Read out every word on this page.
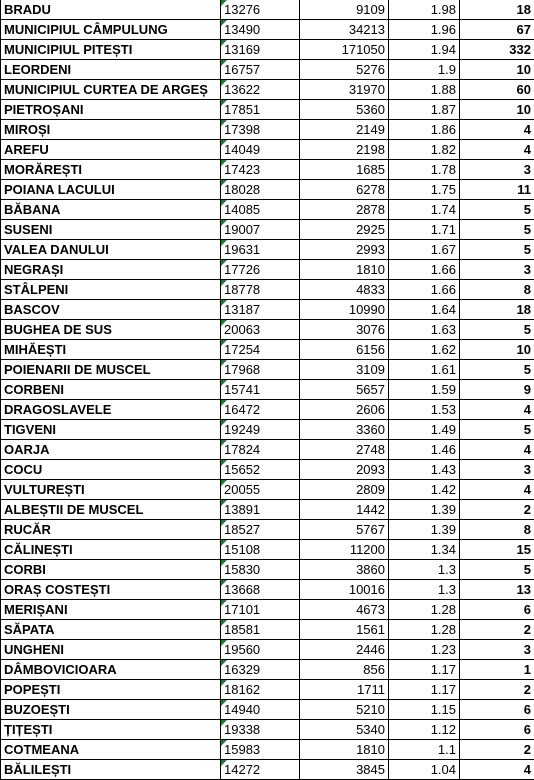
BRADU	13276	9109	1.98	18
MUNICIPIUL CÂMPULUNG	13490	34213	1.96	67
MUNICIPIUL PITEȘTI	13169	171050	1.94	332
LEORDENI	16757	5276	1.9	10
MUNICIPIUL CURTEA DE ARGEȘ	13622	31970	1.88	60
PIETROȘANI	17851	5360	1.87	10
MIROȘI	17398	2149	1.86	4
AREFU	14049	2198	1.82	4
MORĂREȘTI	17423	1685	1.78	3
POIANA LACULUI	18028	6278	1.75	11
BĂBANA	14085	2878	1.74	5
SUSENI	19007	2925	1.71	5
VALEA DANULUI	19631	2993	1.67	5
NEGRAȘI	17726	1810	1.66	3
STÂLPENI	18778	4833	1.66	8
BASCOV	13187	10990	1.64	18
BUGHEA DE SUS	20063	3076	1.63	5
MIHĂEȘTI	17254	6156	1.62	10
POIENARII DE MUSCEL	17968	3109	1.61	5
CORBENI	15741	5657	1.59	9
DRAGOSLAVELE	16472	2606	1.53	4
TIGVENI	19249	3360	1.49	5
OARJA	17824	2748	1.46	4
COCU	15652	2093	1.43	3
VULTUREȘTI	20055	2809	1.42	4
ALBEȘTII DE MUSCEL	13891	1442	1.39	2
RUCĂR	18527	5767	1.39	8
CĂLINEȘTI	15108	11200	1.34	15
CORBI	15830	3860	1.3	5
ORAȘ COSTEȘTI	13668	10016	1.3	13
MERIȘANI	17101	4673	1.28	6
SĂPATA	18581	1561	1.28	2
UNGHENI	19560	2446	1.23	3
DÂMBOVICIOARA	16329	856	1.17	1
POPEȘTI	18162	1711	1.17	2
BUZOEȘTI	14940	5210	1.15	6
ȚIȚEȘTI	19338	5340	1.12	6
COTMEANA	15983	1810	1.1	2
BĂLILEȘTI	14272	3845	1.04	4
